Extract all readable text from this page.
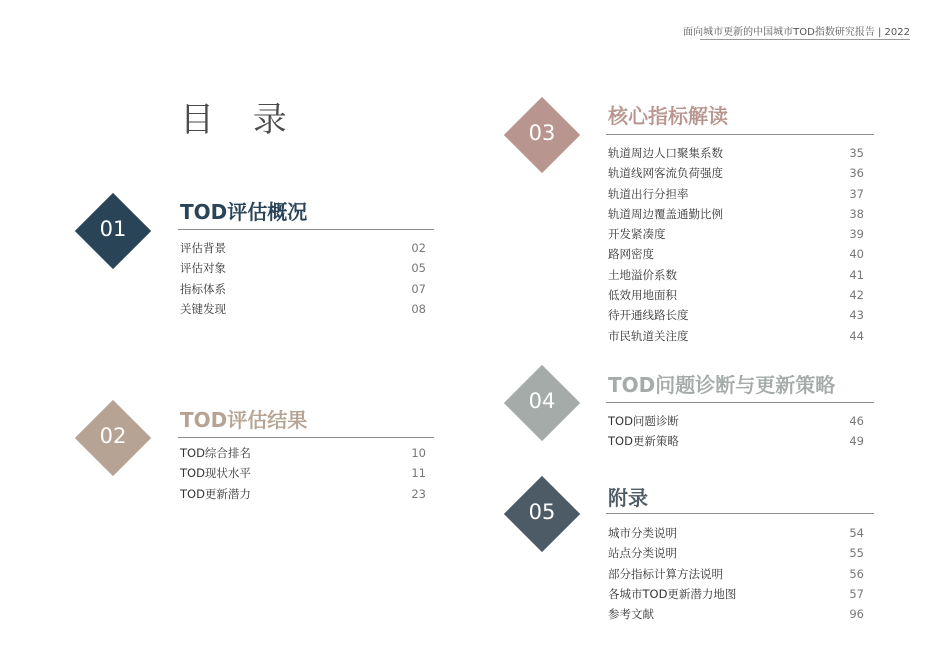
面向城市更新的中国城市TOD指数研究报告 | 2022
目 录
01
TOD评估概况
评估背景	02
评估对象	05
指标体系	07
关键发现	08
02
TOD评估结果
TOD综合排名	10
TOD现状水平	11
TOD更新潜力	23
03
核心指标解读
轨道周边人口聚集系数	35
轨道线网客流负荷强度	36
轨道出行分担率	37
轨道周边覆盖通勤比例	38
开发紧凑度	39
路网密度	40
土地溢价系数	41
低效用地面积	42
待开通线路长度	43
市民轨道关注度	44
04
TOD问题诊断与更新策略
TOD问题诊断	46
TOD更新策略	49
05
附录
城市分类说明	54
站点分类说明	55
部分指标计算方法说明	56
各城市TOD更新潜力地图	57
参考文献	96
